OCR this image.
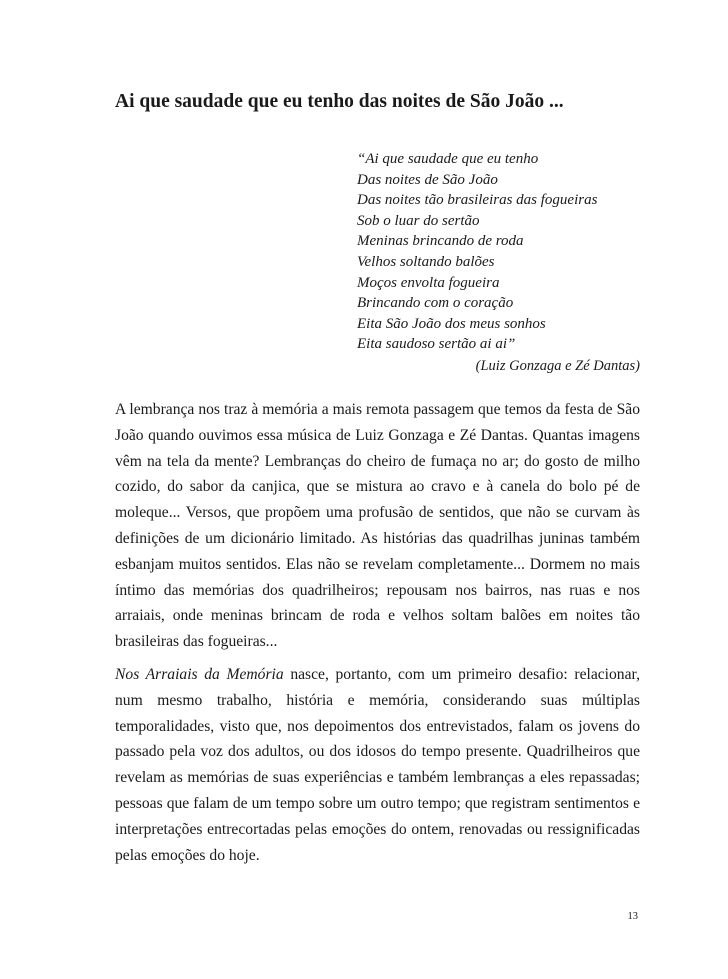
Ai que saudade que eu tenho das noites de São João ...
“Ai que saudade que eu tenho
Das noites de São João
Das noites tão brasileiras das fogueiras
Sob o luar do sertão
Meninas brincando de roda
Velhos soltando balões
Moços envolta fogueira
Brincando com o coração
Eita São João dos meus sonhos
Eita saudoso sertão ai ai”
(Luiz Gonzaga e Zé Dantas)

A lembrança nos traz à memória a mais remota passagem que temos da festa de São João quando ouvimos essa música de Luiz Gonzaga e Zé Dantas. Quantas imagens vêm na tela da mente? Lembranças do cheiro de fumaça no ar; do gosto de milho cozido, do sabor da canjica, que se mistura ao cravo e à canela do bolo pé de moleque... Versos, que propõem uma profusão de sentidos, que não se curvam às definições de um dicionário limitado. As histórias das quadrilhas juninas também esbanjam muitos sentidos. Elas não se revelam completamente... Dormem no mais íntimo das memórias dos quadrilheiros; repousam nos bairros, nas ruas e nos arraiais, onde meninas brincam de roda e velhos soltam balões em noites tão brasileiras das fogueiras...

Nos Arraiais da Memória nasce, portanto, com um primeiro desafio: relacionar, num mesmo trabalho, história e memória, considerando suas múltiplas temporalidades, visto que, nos depoimentos dos entrevistados, falam os jovens do passado pela voz dos adultos, ou dos idosos do tempo presente. Quadrilheiros que revelam as memórias de suas experiências e também lembranças a eles repassadas; pessoas que falam de um tempo sobre um outro tempo; que registram sentimentos e interpretações entrecortadas pelas emoções do ontem, renovadas ou ressignificadas pelas emoções do hoje.

13
